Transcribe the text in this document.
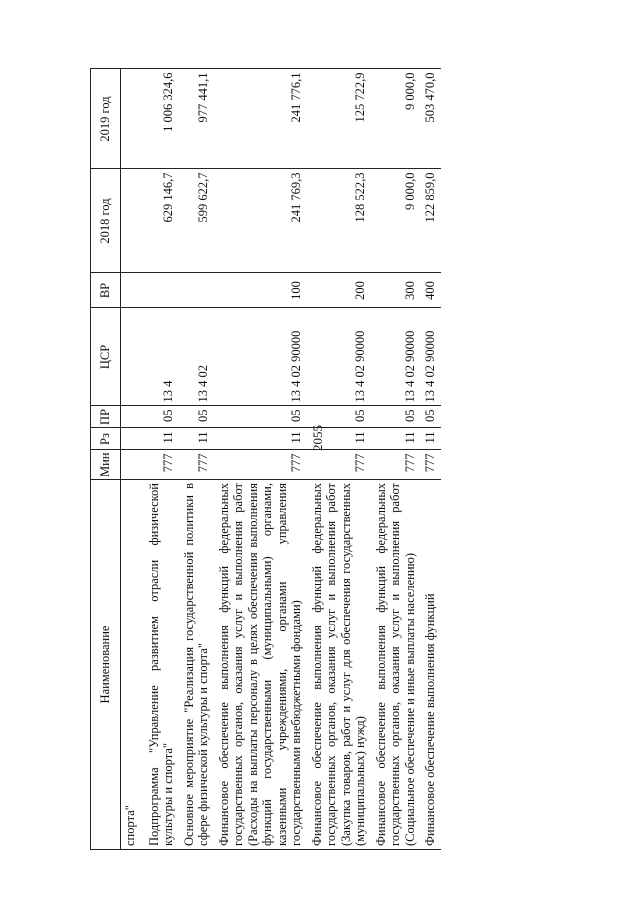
2055
Наименование	Мин	Рз	ПР	ЦСР	ВР	2018 год	2019 год
спорта"							
Подпрограмма "Управление развитием отрасли физической культуры и спорта"	777	11	05	13 4		629 146,7	1 006 324,6
Основное мероприятие "Реализация государственной политики в сфере физической культуры и спорта"	777	11	05	13 4 02		599 622,7	977 441,1
Финансовое обеспечение выполнения функций федеральных государственных органов, оказания услуг и выполнения работ (Расходы на выплаты персоналу в целях обеспечения выполнения функций государственными (муниципальными) органами, казенными учреждениями, органами управления государственными внебюджетными фондами)	777	11	05	13 4 02 90000	100	241 769,3	241 776,1
Финансовое обеспечение выполнения функций федеральных государственных органов, оказания услуг и выполнения работ (Закупка товаров, работ и услуг для обеспечения государственных (муниципальных) нужд)	777	11	05	13 4 02 90000	200	128 522,3	125 722,9
Финансовое обеспечение выполнения функций федеральных государственных органов, оказания услуг и выполнения работ (Социальное обеспечение и иные выплаты населению)	777	11	05	13 4 02 90000	300	9 000,0	9 000,0
Финансовое обеспечение выполнения функций	777	11	05	13 4 02 90000	400	122 859,0	503 470,0
